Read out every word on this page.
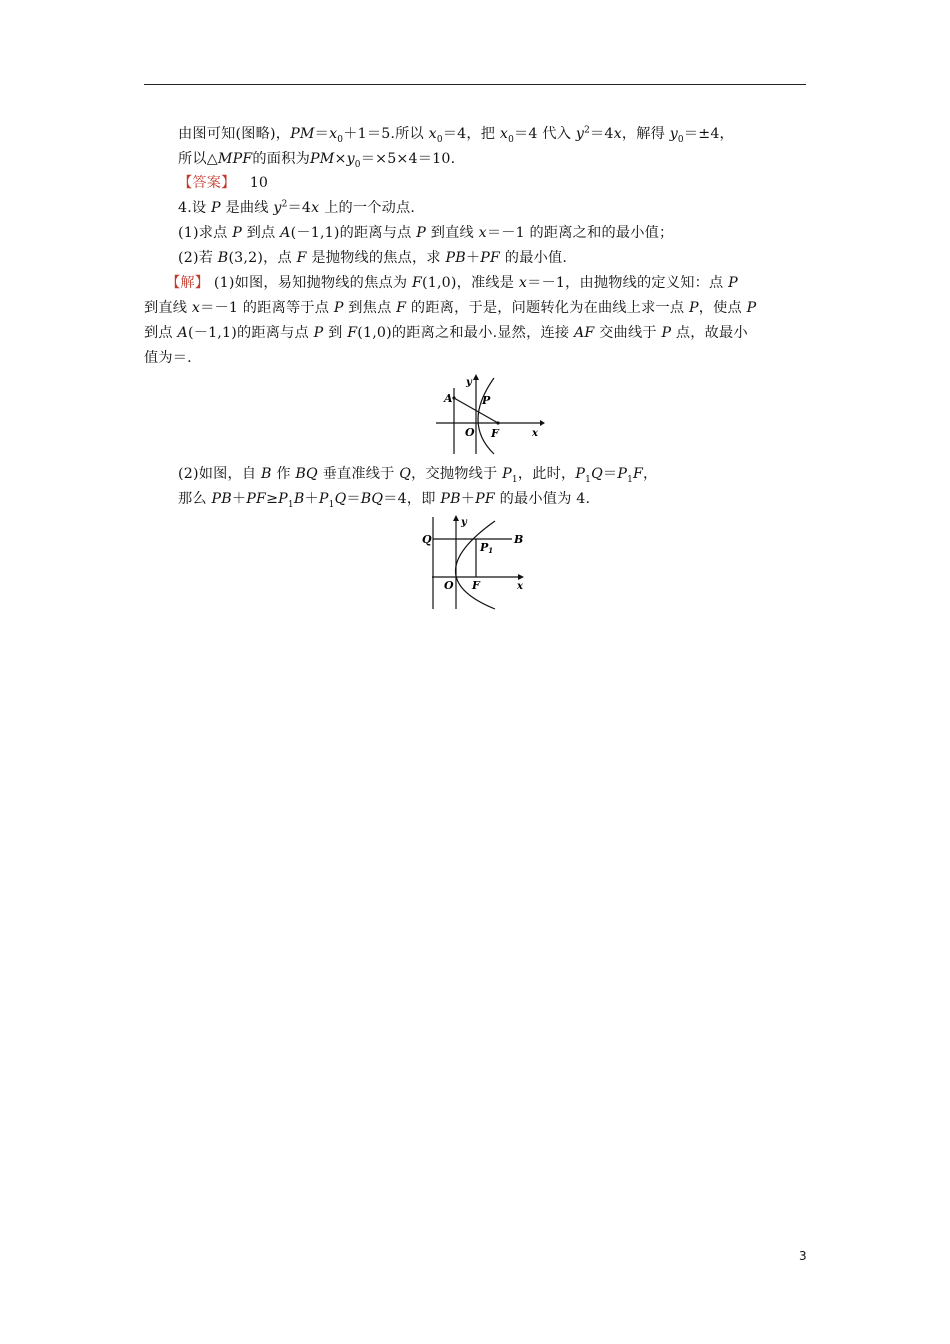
由图可知(图略)，$PM=x_0+1=5$.所以 $x_0=4$，把 $x_0=4$ 代入 $y^2=4x$，解得 $y_0=\pm 4$，
所以△MPF的面积为$PM\times y_0=\times 5\times 4=10$.
【答案】 10
4.设 P 是曲线 $y^2=4x$ 上的一个动点.
(1)求点 P 到点 A(－1,1)的距离与点 P 到直线 x＝－1 的距离之和的最小值；
(2)若 B(3,2)，点 F 是抛物线的焦点，求 PB＋PF 的最小值.
【解】 (1)如图，易知抛物线的焦点为 F(1,0)，准线是 x＝－1，由抛物线的定义知：点 P
到直线 x＝－1 的距离等于点 P 到焦点 F 的距离，于是，问题转化为在曲线上求一点 P，使点 P
到点 A(－1,1)的距离与点 P 到 F(1,0)的距离之和最小.显然，连接 AF 交曲线于 P 点，故最小
值为＝.
A	P
O F	x
y
(2)如图，自 B 作 BQ 垂直准线于 Q，交抛物线于 $P_1$，此时，$P_1Q=P_1F$，
那么 $PB+PF\ge P_1B+P_1Q=BQ=4$，即 PB＋PF 的最小值为 4.
Q	B
P1
O F	x
y
3
